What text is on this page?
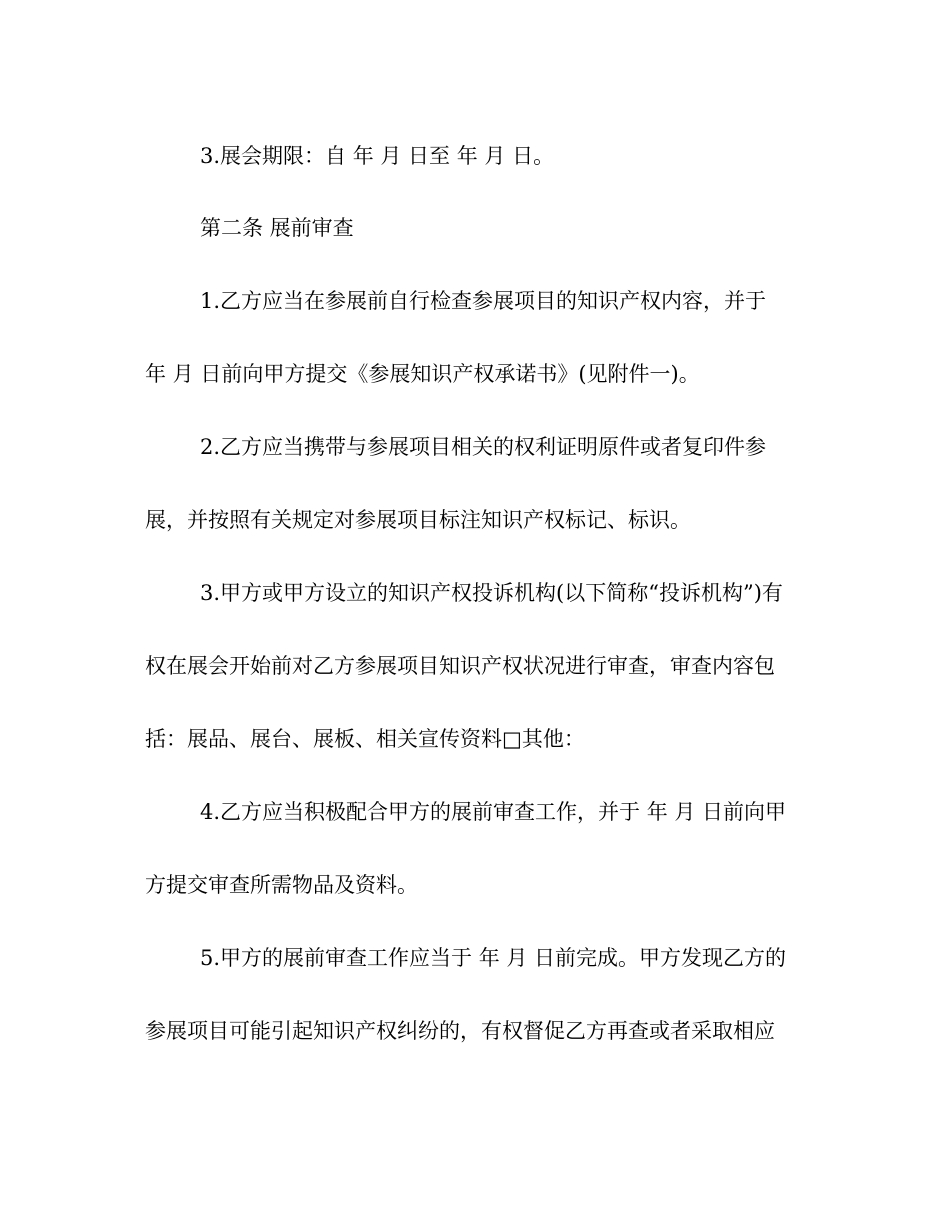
3.展会期限：自 年 月 日至 年 月 日。
第二条 展前审查
1.乙方应当在参展前自行检查参展项目的知识产权内容，并于
年 月 日前向甲方提交《参展知识产权承诺书》(见附件一)。
2.乙方应当携带与参展项目相关的权利证明原件或者复印件参
展，并按照有关规定对参展项目标注知识产权标记、标识。
3.甲方或甲方设立的知识产权投诉机构(以下简称“投诉机构”)有
权在展会开始前对乙方参展项目知识产权状况进行审查，审查内容包
括：展品、展台、展板、相关宣传资料□其他：
4.乙方应当积极配合甲方的展前审查工作，并于 年 月 日前向甲
方提交审查所需物品及资料。
5.甲方的展前审查工作应当于 年 月 日前完成。甲方发现乙方的
参展项目可能引起知识产权纠纷的，有权督促乙方再查或者采取相应
